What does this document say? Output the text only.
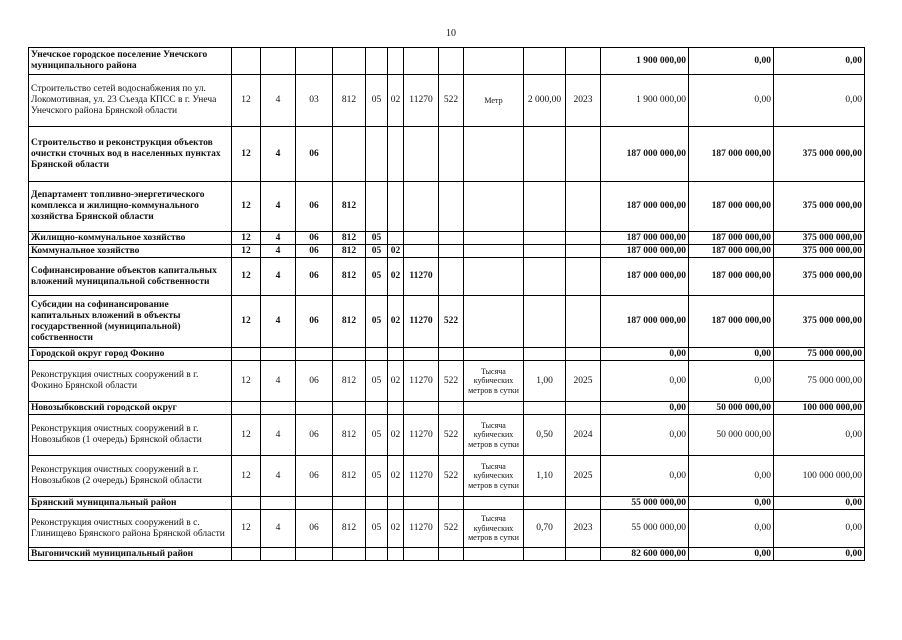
10
Унечское городское поселение Унечского муниципального района												1 900 000,00	0,00	0,00
Строительство сетей водоснабжения по ул. Локомотивная, ул. 23 Съезда КПСС в г. Унеча Унечского района Брянской области	12	4	03	812	05	02	11270	522	Метр	2 000,00	2023	1 900 000,00	0,00	0,00
Строительство и реконструкция объектов очистки сточных вод в населенных пунктах Брянской области	12	4	06									187 000 000,00	187 000 000,00	375 000 000,00
Департамент топливно-энергетического комплекса и жилищно-коммунального хозяйства Брянской области	12	4	06	812								187 000 000,00	187 000 000,00	375 000 000,00
Жилищно-коммунальное хозяйство	12	4	06	812	05							187 000 000,00	187 000 000,00	375 000 000,00
Коммунальное хозяйство	12	4	06	812	05	02						187 000 000,00	187 000 000,00	375 000 000,00
Софинансирование объектов капитальных вложений муниципальной собственности	12	4	06	812	05	02	11270					187 000 000,00	187 000 000,00	375 000 000,00
Субсидии на софинансирование капитальных вложений в объекты государственной (муниципальной) собственности	12	4	06	812	05	02	11270	522				187 000 000,00	187 000 000,00	375 000 000,00
Городской округ город Фокино												0,00	0,00	75 000 000,00
Реконструкция очистных сооружений в г. Фокино Брянской области	12	4	06	812	05	02	11270	522	Тысяча кубических метров в сутки	1,00	2025	0,00	0,00	75 000 000,00
Новозыбковский городской округ												0,00	50 000 000,00	100 000 000,00
Реконструкция очистных сооружений в г. Новозыбков (1 очередь) Брянской области	12	4	06	812	05	02	11270	522	Тысяча кубических метров в сутки	0,50	2024	0,00	50 000 000,00	0,00
Реконструкция очистных сооружений в г. Новозыбков (2 очередь) Брянской области	12	4	06	812	05	02	11270	522	Тысяча кубических метров в сутки	1,10	2025	0,00	0,00	100 000 000,00
Брянский муниципальный район												55 000 000,00	0,00	0,00
Реконструкция очистных сооружений в с. Глинищево Брянского района Брянской области	12	4	06	812	05	02	11270	522	Тысяча кубических метров в сутки	0,70	2023	55 000 000,00	0,00	0,00
Выгоничский муниципальный район												82 600 000,00	0,00	0,00
